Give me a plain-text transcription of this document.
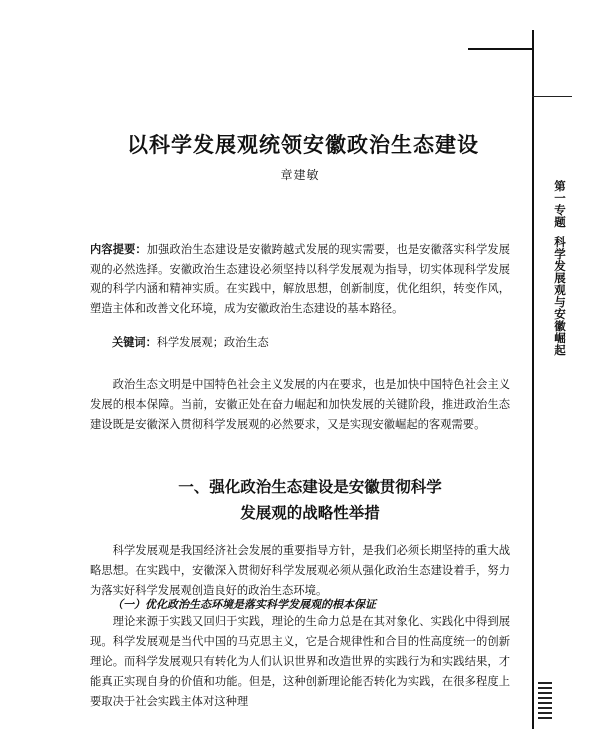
第一专题科学发展观与安徽崛起
以科学发展观统领安徽政治生态建设
章建敏
内容提要：加强政治生态建设是安徽跨越式发展的现实需要，也是安徽落实科学发展观的必然选择。安徽政治生态建设必须坚持以科学发展观为指导，切实体现科学发展观的科学内涵和精神实质。在实践中，解放思想，创新制度，优化组织，转变作风，塑造主体和改善文化环境，成为安徽政治生态建设的基本路径。
关键词：科学发展观；政治生态
政治生态文明是中国特色社会主义发展的内在要求，也是加快中国特色社会主义发展的根本保障。当前，安徽正处在奋力崛起和加快发展的关键阶段，推进政治生态建设既是安徽深入贯彻科学发展观的必然要求，又是实现安徽崛起的客观需要。
一、强化政治生态建设是安徽贯彻科学
发展观的战略性举措
科学发展观是我国经济社会发展的重要指导方针，是我们必须长期坚持的重大战略思想。在实践中，安徽深入贯彻好科学发展观必须从强化政治生态建设着手，努力为落实好科学发展观创造良好的政治生态环境。
（一）优化政治生态环境是落实科学发展观的根本保证
理论来源于实践又回归于实践，理论的生命力总是在其对象化、实践化中得到展现。科学发展观是当代中国的马克思主义，它是合规律性和合目的性高度统一的创新理论。而科学发展观只有转化为人们认识世界和改造世界的实践行为和实践结果，才能真正实现自身的价值和功能。但是，这种创新理论能否转化为实践，在很多程度上要取决于社会实践主体对这种理
